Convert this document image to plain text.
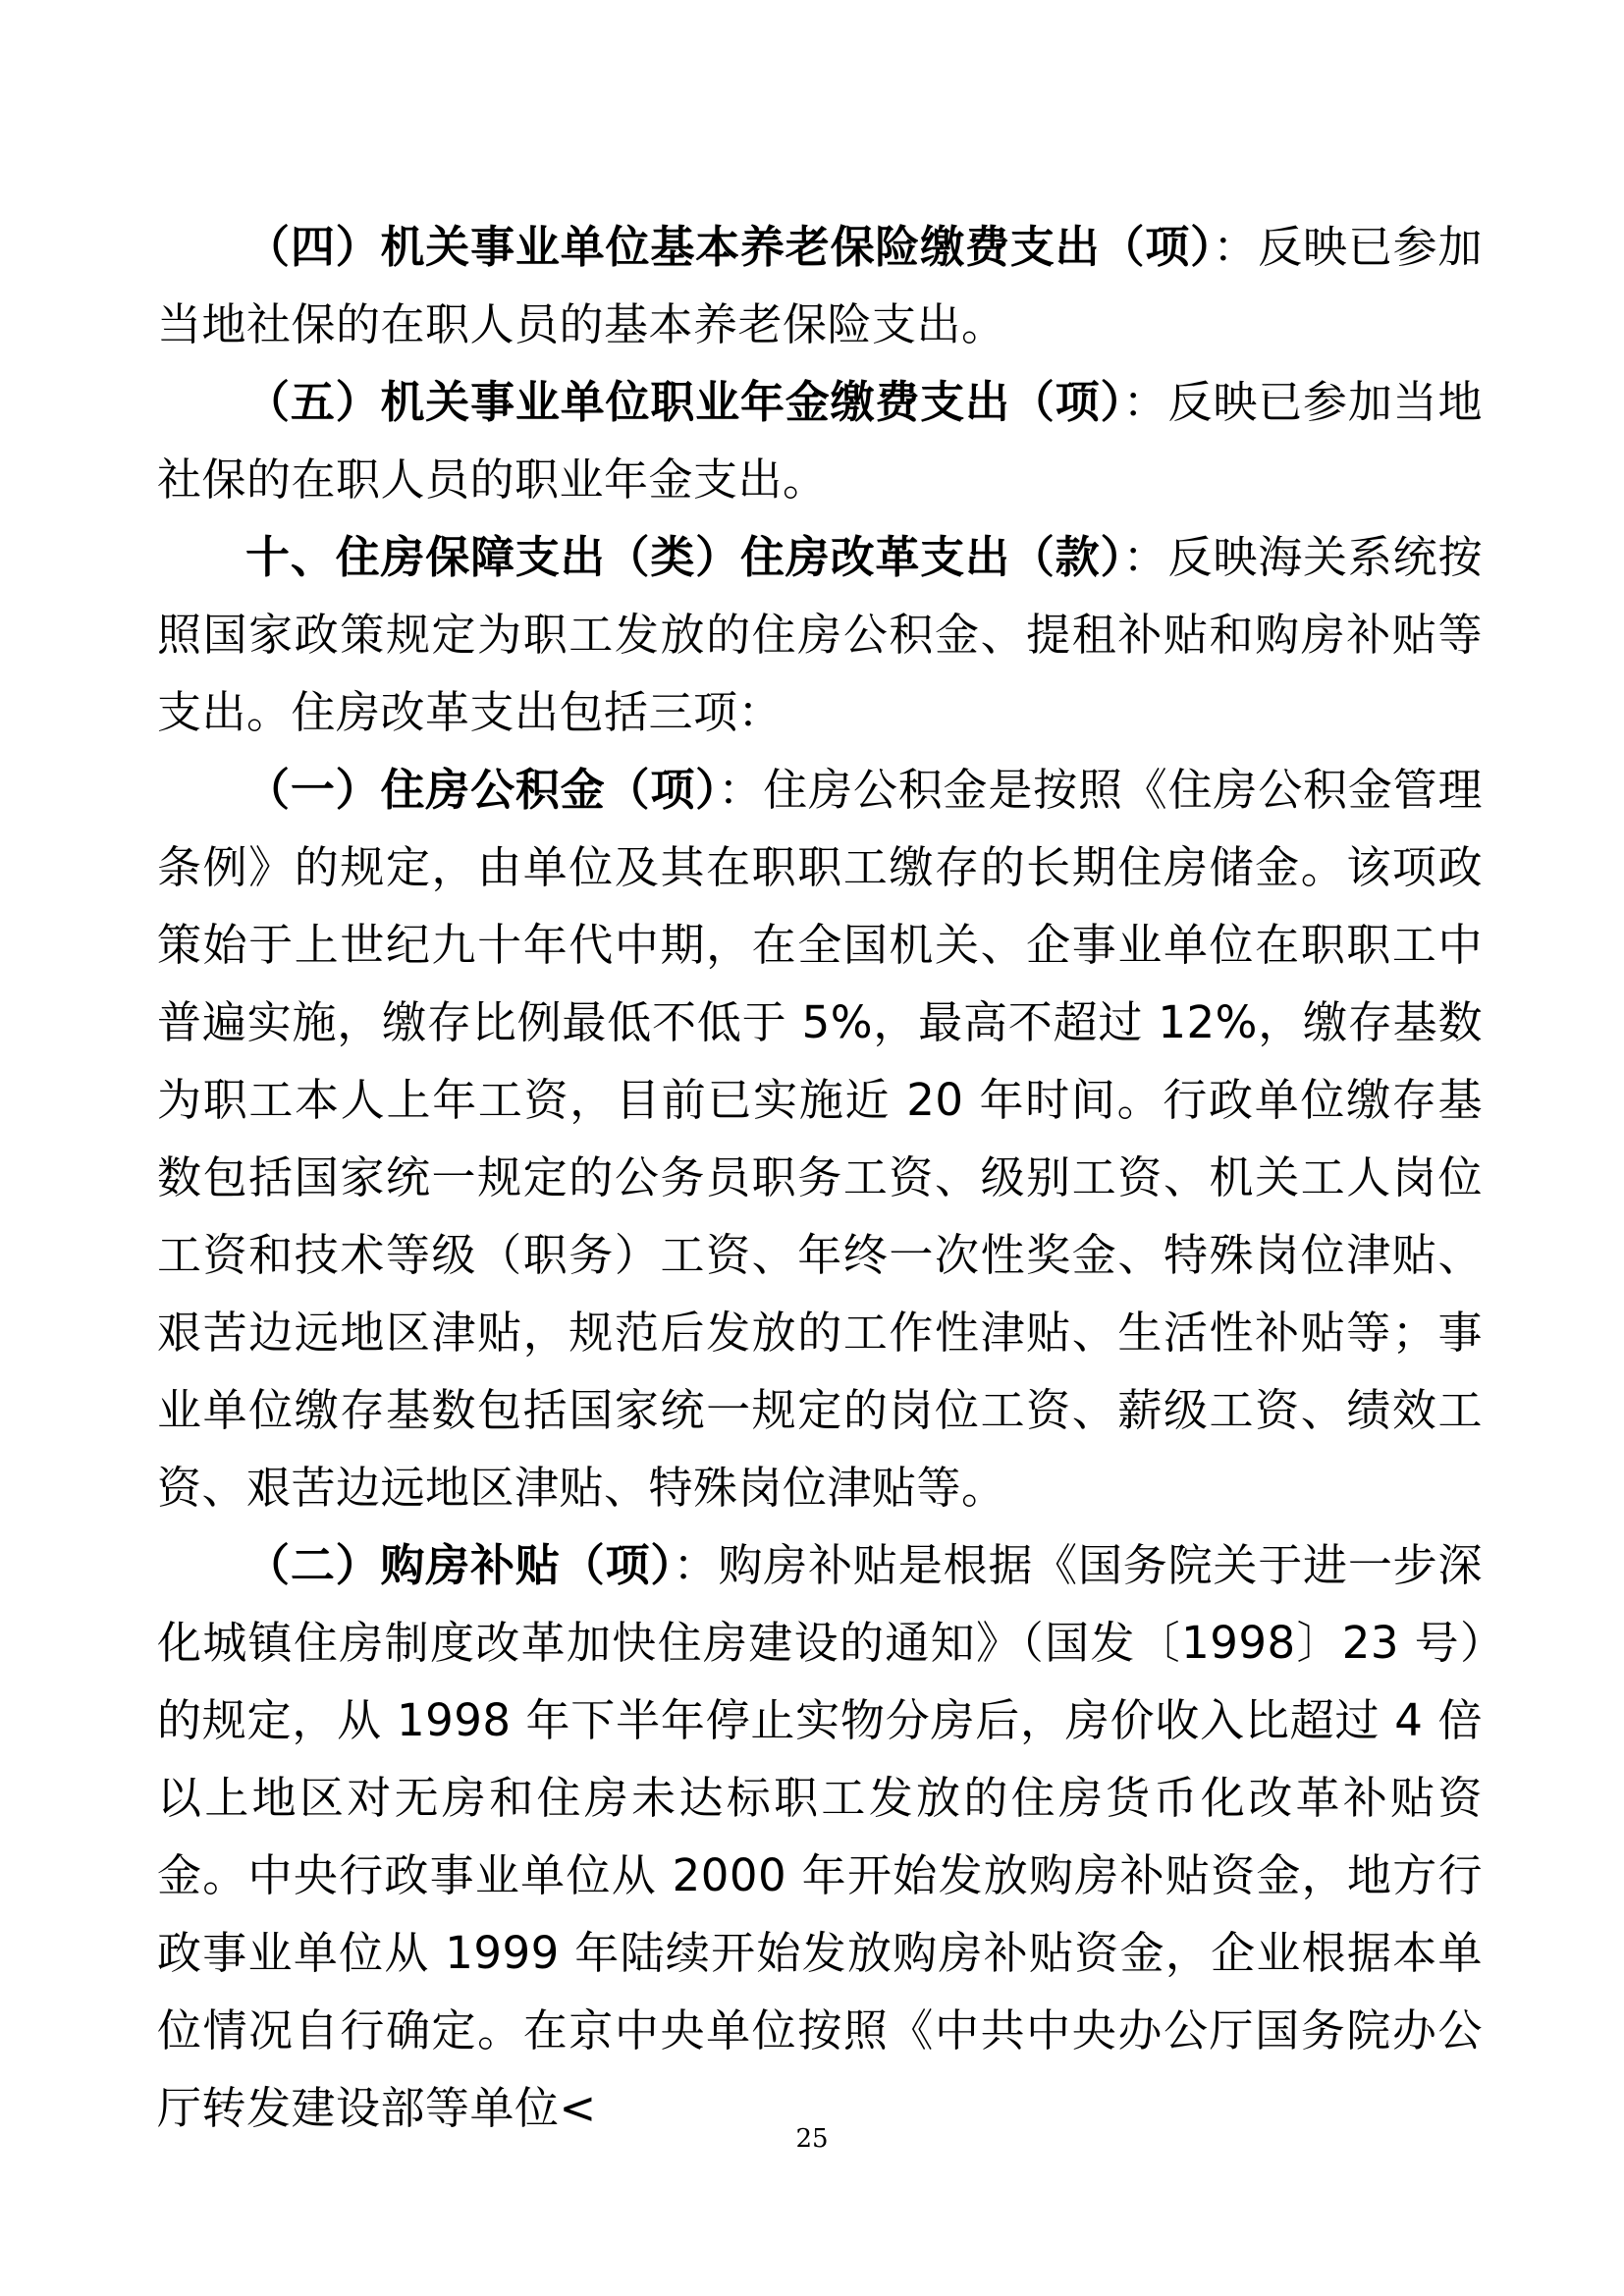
（四）机关事业单位基本养老保险缴费支出（项）：反映已参加当地社保的在职人员的基本养老保险支出。

（五）机关事业单位职业年金缴费支出（项）：反映已参加当地社保的在职人员的职业年金支出。

十、住房保障支出（类）住房改革支出（款）：反映海关系统按照国家政策规定为职工发放的住房公积金、提租补贴和购房补贴等支出。住房改革支出包括三项：

（一）住房公积金（项）：住房公积金是按照《住房公积金管理条例》的规定，由单位及其在职职工缴存的长期住房储金。该项政策始于上世纪九十年代中期，在全国机关、企事业单位在职职工中普遍实施，缴存比例最低不低于 5%，最高不超过 12%，缴存基数为职工本人上年工资，目前已实施近 20 年时间。行政单位缴存基数包括国家统一规定的公务员职务工资、级别工资、机关工人岗位工资和技术等级（职务）工资、年终一次性奖金、特殊岗位津贴、艰苦边远地区津贴，规范后发放的工作性津贴、生活性补贴等；事业单位缴存基数包括国家统一规定的岗位工资、薪级工资、绩效工资、艰苦边远地区津贴、特殊岗位津贴等。

（二）购房补贴（项）：购房补贴是根据《国务院关于进一步深化城镇住房制度改革加快住房建设的通知》（国发〔1998〕23 号）的规定，从 1998 年下半年停止实物分房后，房价收入比超过 4 倍以上地区对无房和住房未达标职工发放的住房货币化改革补贴资金。中央行政事业单位从 2000 年开始发放购房补贴资金，地方行政事业单位从 1999 年陆续开始发放购房补贴资金，企业根据本单位情况自行确定。在京中央单位按照《中共中央办公厅国务院办公厅转发建设部等单位<

25
